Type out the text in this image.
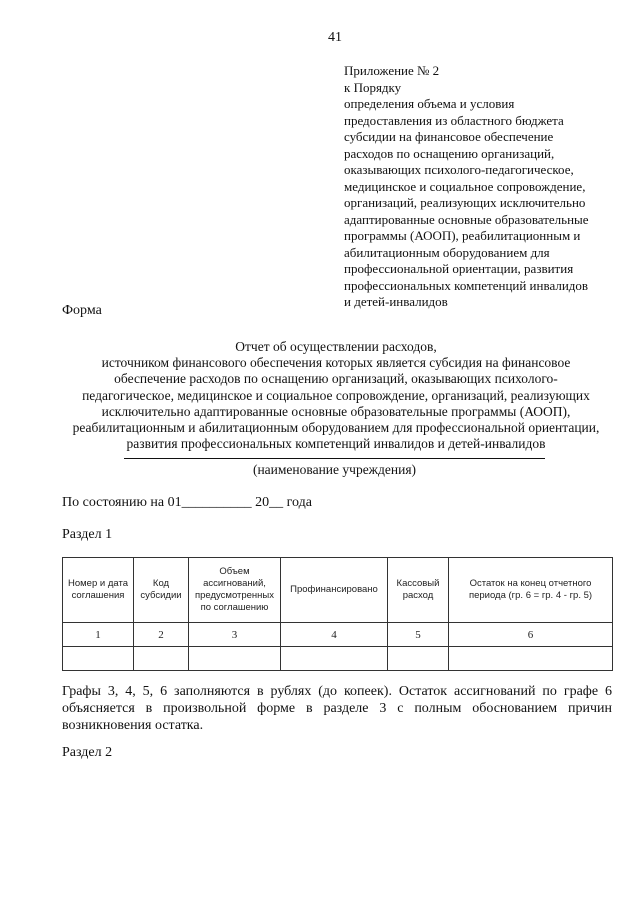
41
Приложение № 2
к Порядку
определения объема и условия
предоставления из областного бюджета
субсидии на финансовое обеспечение
расходов по оснащению организаций,
оказывающих психолого-педагогическое,
медицинское и социальное сопровождение,
организаций, реализующих исключительно
адаптированные основные образовательные
программы (АООП), реабилитационным и
абилитационным оборудованием для
профессиональной ориентации, развития
профессиональных компетенций инвалидов
и детей-инвалидов
Форма
Отчет об осуществлении расходов,
источником финансового обеспечения которых является субсидия на финансовое
обеспечение расходов по оснащению организаций, оказывающих психолого-
педагогическое, медицинское и социальное сопровождение, организаций, реализующих
исключительно адаптированные основные образовательные программы (АООП),
реабилитационным и абилитационным оборудованием для профессиональной ориентации,
развития профессиональных компетенций инвалидов и детей-инвалидов
(наименование учреждения)
По состоянию на 01__________ 20__ года
Раздел 1
Номер и дата соглашения	Код субсидии	Объем ассигнований, предусмотренных по соглашению	Профинансировано	Кассовый расход	Остаток на конец отчетного периода (гр. 6 = гр. 4 - гр. 5)
1	2	3	4	5	6

Графы 3, 4, 5, 6 заполняются в рублях (до копеек). Остаток ассигнований по графе 6 объясняется в произвольной форме в разделе 3 с полным обоснованием причин возникновения остатка.
Раздел 2
